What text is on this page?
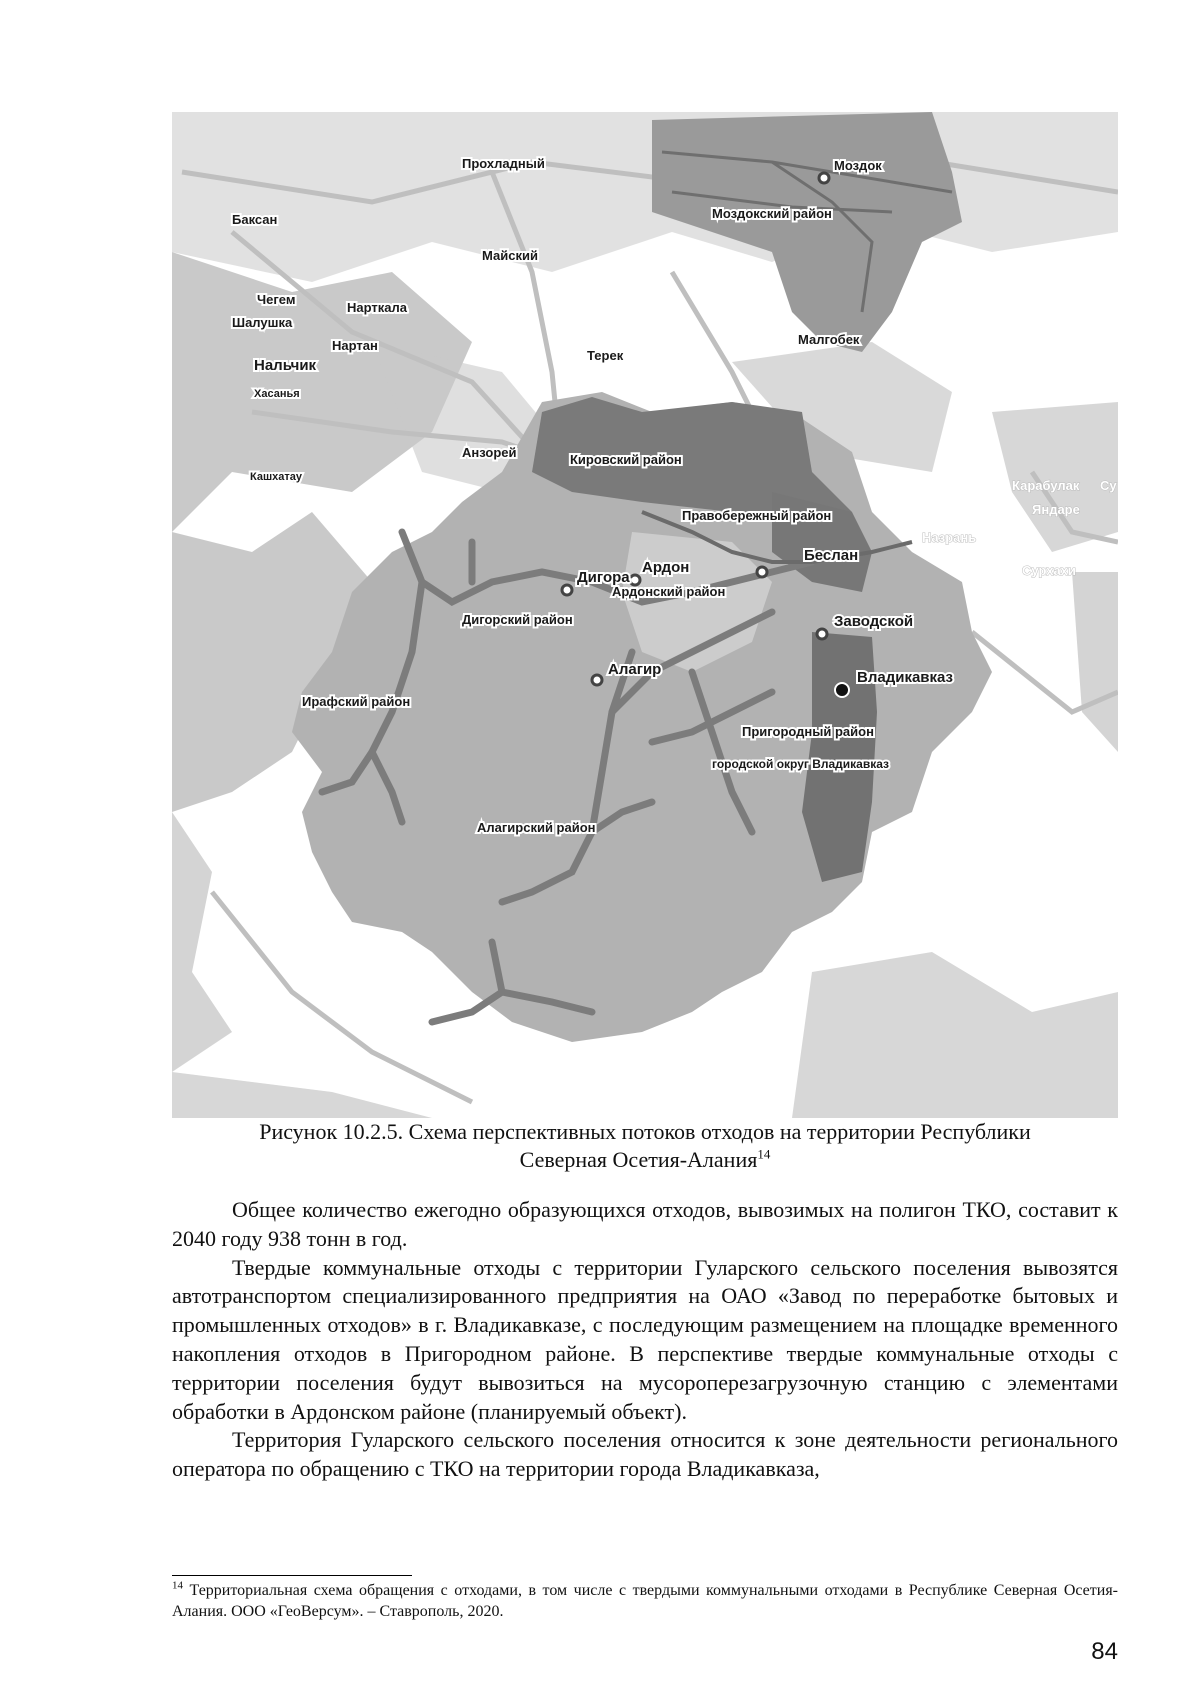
Моздок
Моздокский район
Прохладный
Баксан
Майский
Чегем
Шалушка
Нартан
Нарткала
Нальчик
Хасанья
Терек
Малгобек
Анзорей
Кашхатау
Кировский район
Правобережный район
Беслан
Ардон
Дигора
Ардонский район
Дигорский район	Заводской
Алагир	Владикавказ
Ирафский район
Пригородный район
городской округ Владикавказ
Алагирский район
Карабулак Су
Яндаре
Назрань
Сурхахи
Рисунок 10.2.5. Схема перспективных потоков отходов на территории Республики
Северная Осетия-Алания$^{14}$

Общее количество ежегодно образующихся отходов, вывозимых на полигон ТКО, составит к 2040 году 938 тонн в год.

Твердые коммунальные отходы с территории Гуларского сельского поселения вывозятся автотранспортом специализированного предприятия на ОАО «Завод по переработке бытовых и промышленных отходов» в г. Владикавказе, с последующим размещением на площадке временного накопления отходов в Пригородном районе. В перспективе твердые коммунальные отходы с территории поселения будут вывозиться на мусороперезагрузочную станцию с элементами обработки в Ардонском районе (планируемый объект).

Территория Гуларского сельского поселения относится к зоне деятельности регионального оператора по обращению с ТКО на территории города Владикавказа,

$^{14}$ Территориальная схема обращения с отходами, в том числе с твердыми коммунальными отходами в Республике Северная Осетия-Алания. ООО «ГеоВерсум». – Ставрополь, 2020.
84
